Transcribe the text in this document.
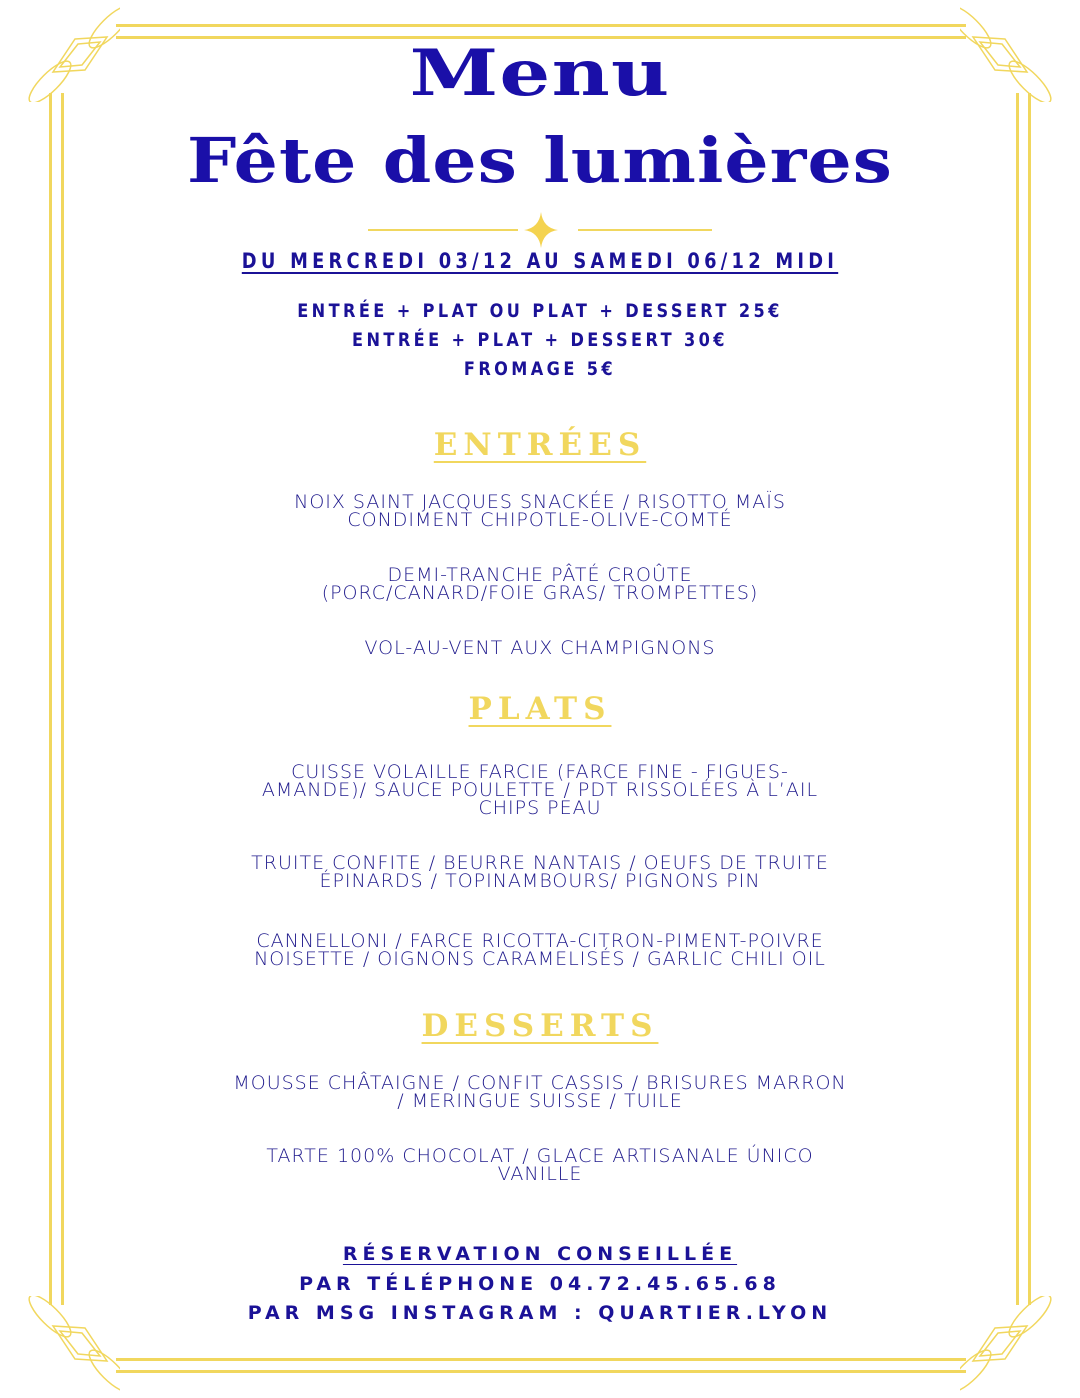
Menu
Fête des lumières
DU MERCREDI 03/12 AU SAMEDI 06/12 MIDI
ENTRÉE + PLAT OU PLAT + DESSERT 25€
ENTRÉE + PLAT + DESSERT 30€
FROMAGE 5€
ENTRÉES
NOIX SAINT JACQUES SNACKÉE / RISOTTO MAÏS
CONDIMENT CHIPOTLE-OLIVE-COMTÉ
DEMI-TRANCHE PÂTÉ CROÛTE
(PORC/CANARD/FOIE GRAS/ TROMPETTES)
VOL-AU-VENT AUX CHAMPIGNONS
PLATS
CUISSE VOLAILLE FARCIE (FARCE FINE - FIGUES-
AMANDE)/ SAUCE POULETTE / PDT RISSOLÉES À L’AIL
CHIPS PEAU
TRUITE CONFITE / BEURRE NANTAIS / OEUFS DE TRUITE
ÉPINARDS / TOPINAMBOURS/ PIGNONS PIN
CANNELLONI / FARCE RICOTTA-CITRON-PIMENT-POIVRE
NOISETTE / OIGNONS CARAMELISÉS / GARLIC CHILI OIL
DESSERTS
MOUSSE CHÂTAIGNE / CONFIT CASSIS / BRISURES MARRON
/ MERINGUE SUISSE / TUILE
TARTE 100% CHOCOLAT / GLACE ARTISANALE ÚNICO
VANILLE
RÉSERVATION CONSEILLÉE
PAR TÉLÉPHONE 04.72.45.65.68
PAR MSG INSTAGRAM : QUARTIER.LYON
